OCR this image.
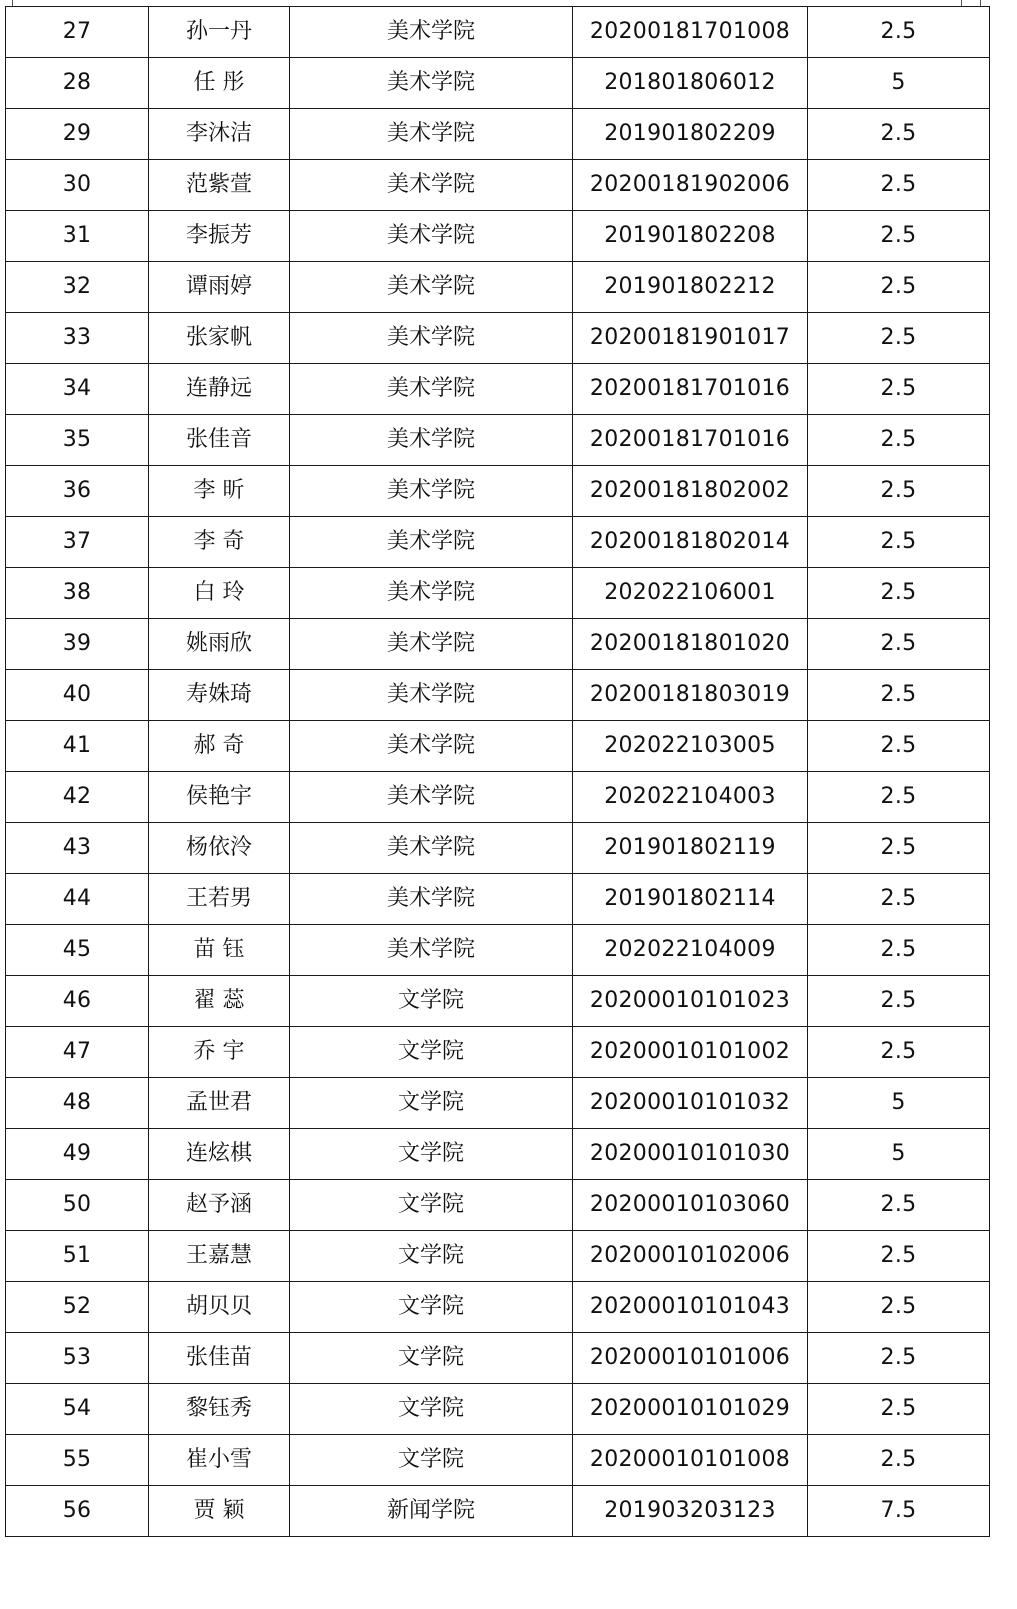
27	孙一丹	美术学院	20200181701008	2.5
28	任 彤	美术学院	201801806012	5
29	李沐洁	美术学院	201901802209	2.5
30	范紫萱	美术学院	20200181902006	2.5
31	李振芳	美术学院	201901802208	2.5
32	谭雨婷	美术学院	201901802212	2.5
33	张家帆	美术学院	20200181901017	2.5
34	连静远	美术学院	20200181701016	2.5
35	张佳音	美术学院	20200181701016	2.5
36	李 昕	美术学院	20200181802002	2.5
37	李 奇	美术学院	20200181802014	2.5
38	白 玲	美术学院	202022106001	2.5
39	姚雨欣	美术学院	20200181801020	2.5
40	寿姝琦	美术学院	20200181803019	2.5
41	郝 奇	美术学院	202022103005	2.5
42	侯艳宇	美术学院	202022104003	2.5
43	杨依泠	美术学院	201901802119	2.5
44	王若男	美术学院	201901802114	2.5
45	苗 钰	美术学院	202022104009	2.5
46	翟 蕊	文学院	20200010101023	2.5
47	乔 宇	文学院	20200010101002	2.5
48	孟世君	文学院	20200010101032	5
49	连炫棋	文学院	20200010101030	5
50	赵予涵	文学院	20200010103060	2.5
51	王嘉慧	文学院	20200010102006	2.5
52	胡贝贝	文学院	20200010101043	2.5
53	张佳苗	文学院	20200010101006	2.5
54	黎钰秀	文学院	20200010101029	2.5
55	崔小雪	文学院	20200010101008	2.5
56	贾 颖	新闻学院	201903203123	7.5
